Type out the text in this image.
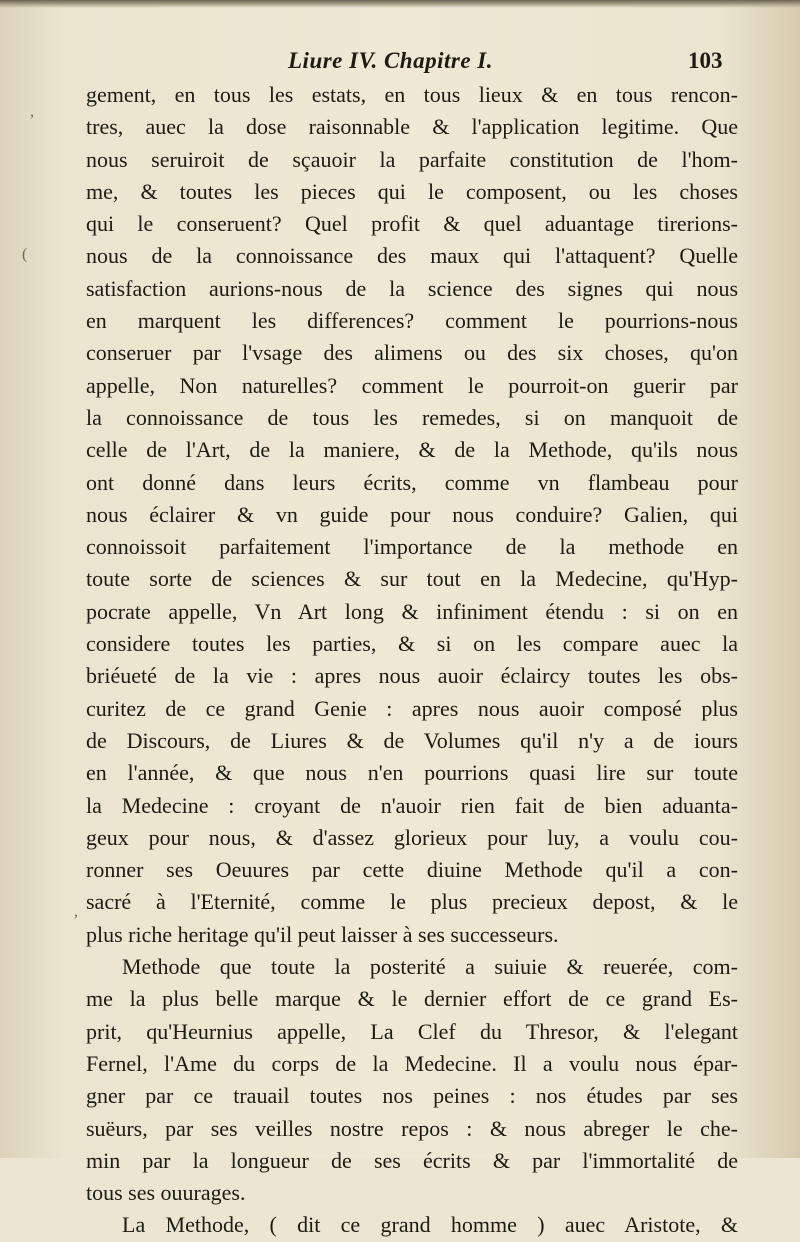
Liure IV. Chapitre I.	103
,
(
,
gement, en tous les estats, en tous lieux & en tous rencon-
tres, auec la dose raisonnable & l'application legitime. Que
nous seruiroit de sçauoir la parfaite constitution de l'hom-
me, & toutes les pieces qui le composent, ou les choses
qui le conseruent? Quel profit & quel aduantage tirerions-
nous de la connoissance des maux qui l'attaquent? Quelle
satisfaction aurions-nous de la science des signes qui nous
en marquent les differences? comment le pourrions-nous
conseruer par l'vsage des alimens ou des six choses, qu'on
appelle, Non naturelles? comment le pourroit-on guerir par
la connoissance de tous les remedes, si on manquoit de
celle de l'Art, de la maniere, & de la Methode, qu'ils nous
ont donné dans leurs écrits, comme vn flambeau pour
nous éclairer & vn guide pour nous conduire? Galien, qui
connoissoit parfaitement l'importance de la methode en
toute sorte de sciences & sur tout en la Medecine, qu'Hyp-
pocrate appelle, Vn Art long & infiniment étendu : si on en
considere toutes les parties, & si on les compare auec la
briéueté de la vie : apres nous auoir éclaircy toutes les obs-
curitez de ce grand Genie : apres nous auoir composé plus
de Discours, de Liures & de Volumes qu'il n'y a de iours
en l'année, & que nous n'en pourrions quasi lire sur toute
la Medecine : croyant de n'auoir rien fait de bien aduanta-
geux pour nous, & d'assez glorieux pour luy, a voulu cou-
ronner ses Oeuures par cette diuine Methode qu'il a con-
sacré à l'Eternité, comme le plus precieux depost, & le
plus riche heritage qu'il peut laisser à ses successeurs.
Methode que toute la posterité a suiuie & reuerée, com-
me la plus belle marque & le dernier effort de ce grand Es-
prit, qu'Heurnius appelle, La Clef du Thresor, & l'elegant
Fernel, l'Ame du corps de la Medecine. Il a voulu nous épar-
gner par ce trauail toutes nos peines : nos études par ses
suëurs, par ses veilles nostre repos : & nous abreger le che-
min par la longueur de ses écrits & par l'immortalité de
tous ses ouurages.
La Methode, ( dit ce grand homme ) auec Aristote, &
